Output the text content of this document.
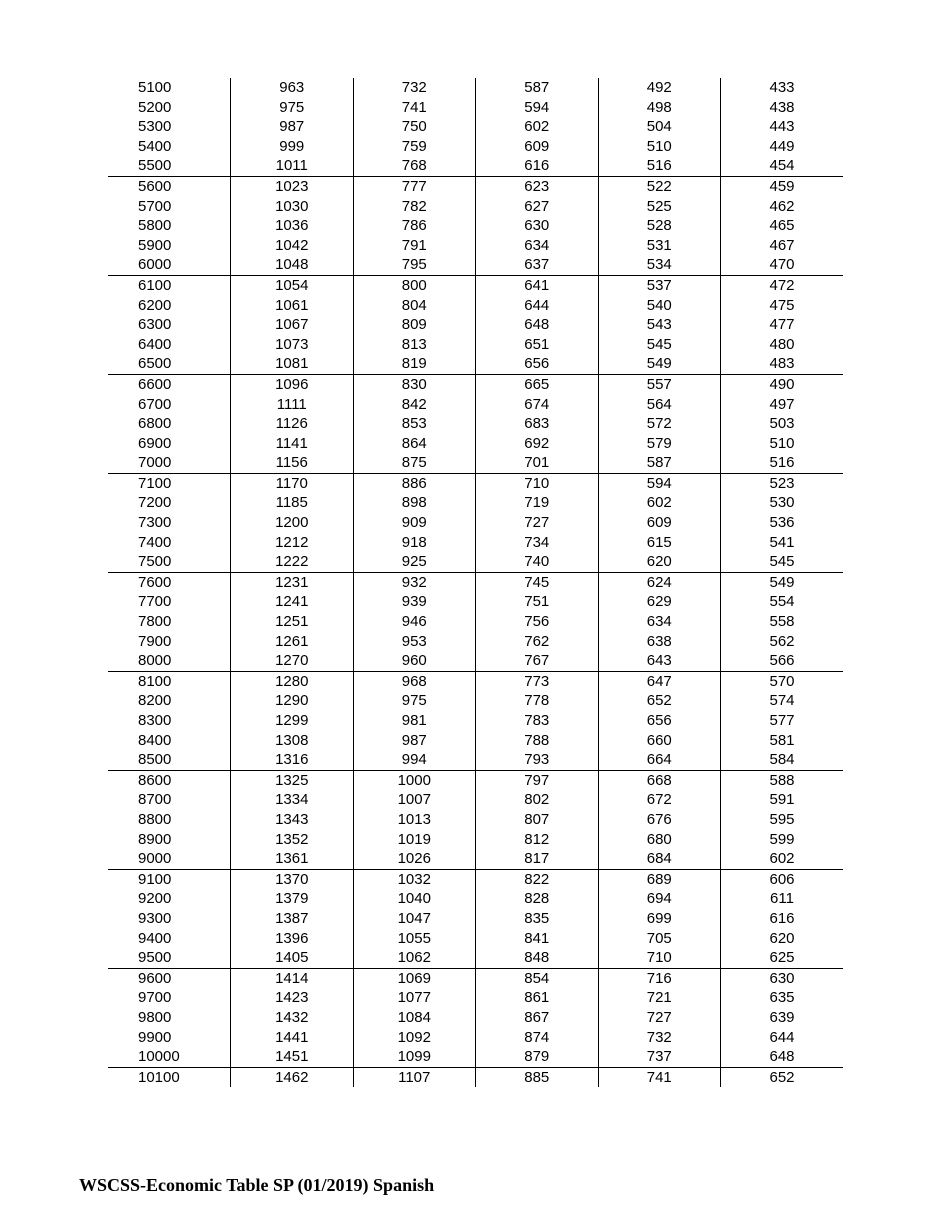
5100	963	732	587	492	433
5200	975	741	594	498	438
5300	987	750	602	504	443
5400	999	759	609	510	449
5500	1011	768	616	516	454
5600	1023	777	623	522	459
5700	1030	782	627	525	462
5800	1036	786	630	528	465
5900	1042	791	634	531	467
6000	1048	795	637	534	470
6100	1054	800	641	537	472
6200	1061	804	644	540	475
6300	1067	809	648	543	477
6400	1073	813	651	545	480
6500	1081	819	656	549	483
6600	1096	830	665	557	490
6700	1111	842	674	564	497
6800	1126	853	683	572	503
6900	1141	864	692	579	510
7000	1156	875	701	587	516
7100	1170	886	710	594	523
7200	1185	898	719	602	530
7300	1200	909	727	609	536
7400	1212	918	734	615	541
7500	1222	925	740	620	545
7600	1231	932	745	624	549
7700	1241	939	751	629	554
7800	1251	946	756	634	558
7900	1261	953	762	638	562
8000	1270	960	767	643	566
8100	1280	968	773	647	570
8200	1290	975	778	652	574
8300	1299	981	783	656	577
8400	1308	987	788	660	581
8500	1316	994	793	664	584
8600	1325	1000	797	668	588
8700	1334	1007	802	672	591
8800	1343	1013	807	676	595
8900	1352	1019	812	680	599
9000	1361	1026	817	684	602
9100	1370	1032	822	689	606
9200	1379	1040	828	694	611
9300	1387	1047	835	699	616
9400	1396	1055	841	705	620
9500	1405	1062	848	710	625
9600	1414	1069	854	716	630
9700	1423	1077	861	721	635
9800	1432	1084	867	727	639
9900	1441	1092	874	732	644
10000	1451	1099	879	737	648
10100	1462	1107	885	741	652
WSCSS-Economic Table SP (01/2019) Spanish
